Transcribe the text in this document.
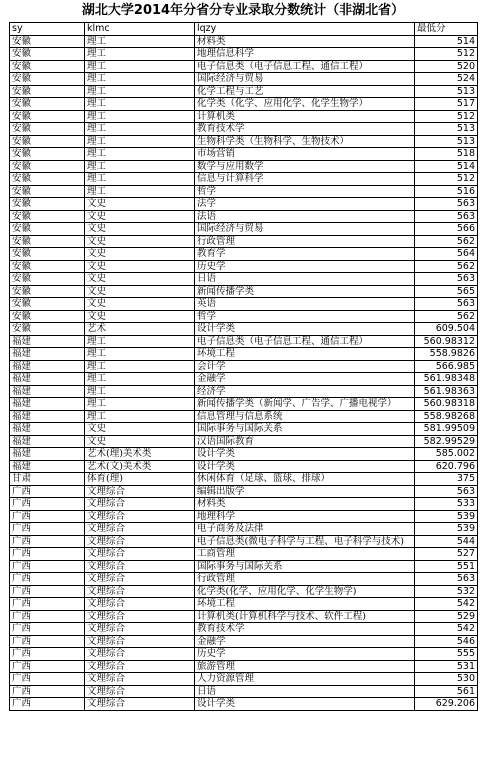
湖北大学2014年分省分专业录取分数统计（非湖北省）
sy	klmc	lqzy	最低分
安徽	理工	材料类	514
安徽	理工	地理信息科学	512
安徽	理工	电子信息类（电子信息工程、通信工程）	520
安徽	理工	国际经济与贸易	524
安徽	理工	化学工程与工艺	513
安徽	理工	化学类（化学、应用化学、化学生物学）	517
安徽	理工	计算机类	512
安徽	理工	教育技术学	513
安徽	理工	生物科学类（生物科学、生物技术）	513
安徽	理工	市场营销	518
安徽	理工	数学与应用数学	514
安徽	理工	信息与计算科学	512
安徽	理工	哲学	516
安徽	文史	法学	563
安徽	文史	法语	563
安徽	文史	国际经济与贸易	566
安徽	文史	行政管理	562
安徽	文史	教育学	564
安徽	文史	历史学	562
安徽	文史	日语	563
安徽	文史	新闻传播学类	565
安徽	文史	英语	563
安徽	文史	哲学	562
安徽	艺术	设计学类	609.504
福建	理工	电子信息类（电子信息工程、通信工程）	560.98312
福建	理工	环境工程	558.9826
福建	理工	会计学	566.985
福建	理工	金融学	561.98348
福建	理工	经济学	561.98363
福建	理工	新闻传播学类（新闻学、广告学、广播电视学）	560.98318
福建	理工	信息管理与信息系统	558.98268
福建	文史	国际事务与国际关系	581.99509
福建	文史	汉语国际教育	582.99529
福建	艺术(理)美术类	设计学类	585.002
福建	艺术(文)美术类	设计学类	620.796
甘肃	体育(理)	休闲体育（足球、篮球、排球）	375
广西	文理综合	编辑出版学	563
广西	文理综合	材料类	533
广西	文理综合	地理科学	539
广西	文理综合	电子商务及法律	539
广西	文理综合	电子信息类(微电子科学与工程、电子科学与技术)	544
广西	文理综合	工商管理	527
广西	文理综合	国际事务与国际关系	551
广西	文理综合	行政管理	563
广西	文理综合	化学类(化学、应用化学、化学生物学)	532
广西	文理综合	环境工程	542
广西	文理综合	计算机类(计算机科学与技术、软件工程)	529
广西	文理综合	教育技术学	542
广西	文理综合	金融学	546
广西	文理综合	历史学	555
广西	文理综合	旅游管理	531
广西	文理综合	人力资源管理	530
广西	文理综合	日语	561
广西	文理综合	设计学类	629.206
